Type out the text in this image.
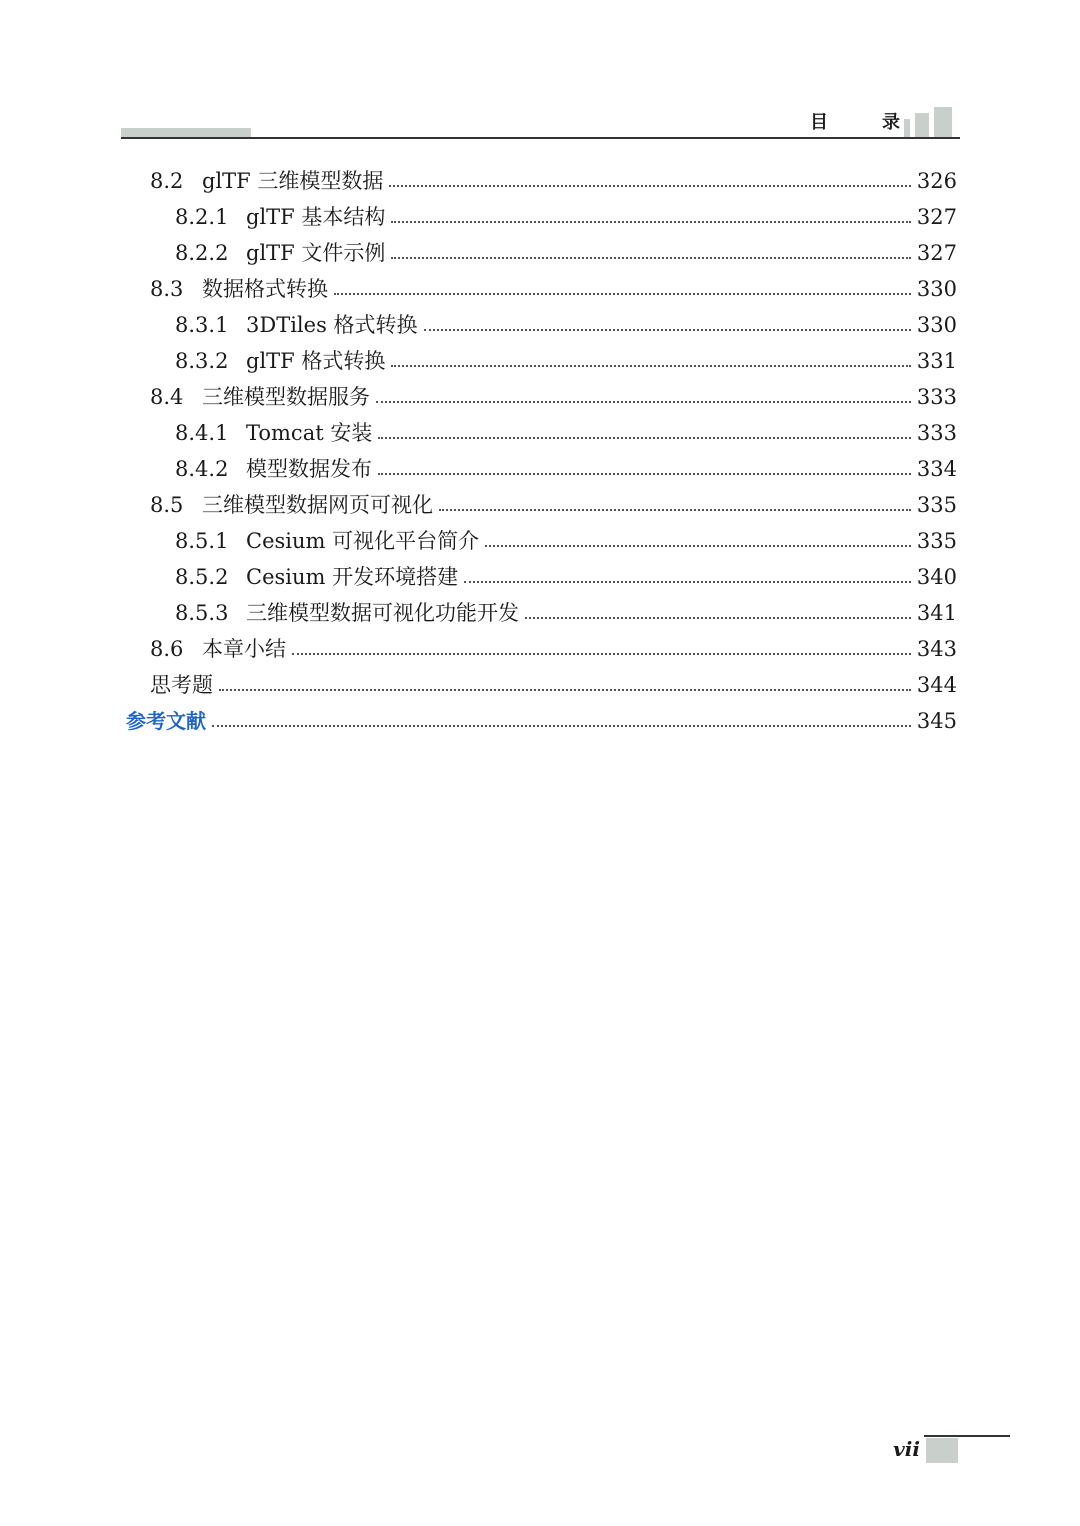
目	录
8.2 glTF 三维模型数据	326
8.2.1 glTF 基本结构	327
8.2.2 glTF 文件示例	327
8.3 数据格式转换	330
8.3.1 3DTiles 格式转换	330
8.3.2 glTF 格式转换	331
8.4 三维模型数据服务	333
8.4.1 Tomcat 安装	333
8.4.2 模型数据发布	334
8.5 三维模型数据网页可视化	335
8.5.1 Cesium 可视化平台简介	335
8.5.2 Cesium 开发环境搭建	340
8.5.3 三维模型数据可视化功能开发	341
8.6 本章小结	343
思考题	344
参考文献	345
vii
